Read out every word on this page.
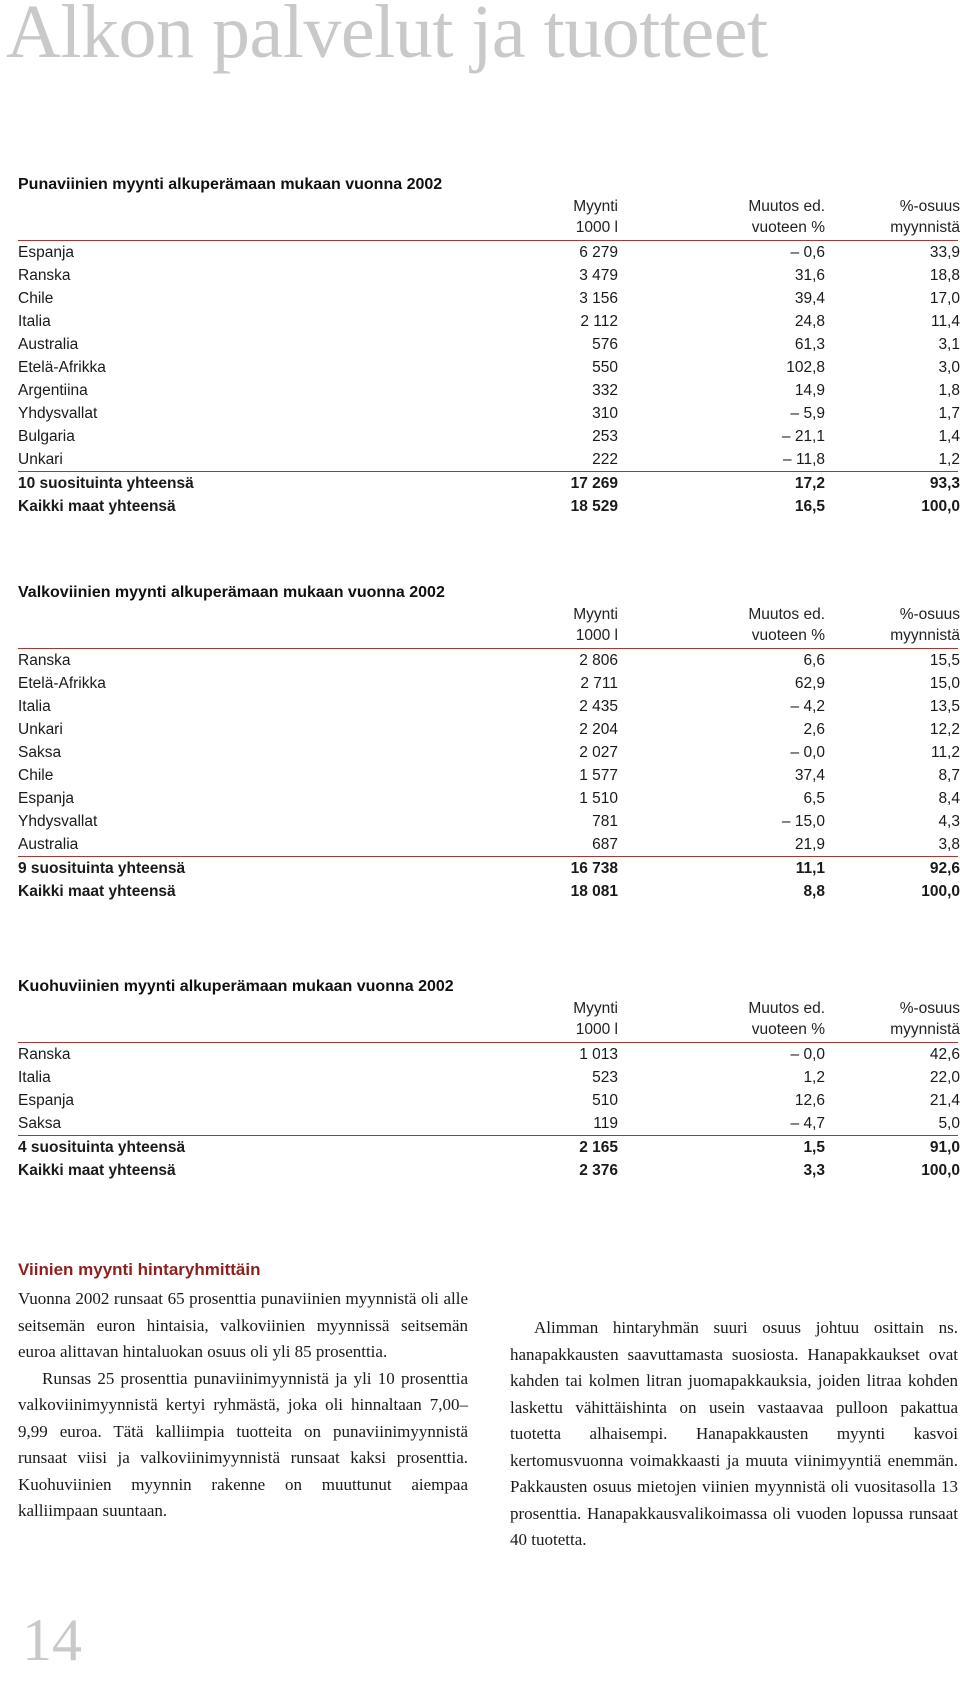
Alkon palvelut ja tuotteet
Punaviinien myynti alkuperämaan mukaan vuonna 2002
Myynti
1000 l
Muutos ed.
vuoteen %
%-osuus
myynnistä
Espanja	6 279	– 0,6	33,9
Ranska	3 479	31,6	18,8
Chile	3 156	39,4	17,0
Italia	2 112	24,8	11,4
Australia	576	61,3	3,1
Etelä-Afrikka	550	102,8	3,0
Argentiina	332	14,9	1,8
Yhdysvallat	310	– 5,9	1,7
Bulgaria	253	– 21,1	1,4
Unkari	222	– 11,8	1,2
10 suosituinta yhteensä	17 269	17,2	93,3
Kaikki maat yhteensä	18 529	16,5	100,0
Valkoviinien myynti alkuperämaan mukaan vuonna 2002
Myynti
1000 l
Muutos ed.
vuoteen %
%-osuus
myynnistä
Ranska	2 806	6,6	15,5
Etelä-Afrikka	2 711	62,9	15,0
Italia	2 435	– 4,2	13,5
Unkari	2 204	2,6	12,2
Saksa	2 027	– 0,0	11,2
Chile	1 577	37,4	8,7
Espanja	1 510	6,5	8,4
Yhdysvallat	781	– 15,0	4,3
Australia	687	21,9	3,8
9 suosituinta yhteensä	16 738	11,1	92,6
Kaikki maat yhteensä	18 081	8,8	100,0
Kuohuviinien myynti alkuperämaan mukaan vuonna 2002
Myynti
1000 l
Muutos ed.
vuoteen %
%-osuus
myynnistä
Ranska	1 013	– 0,0	42,6
Italia	523	1,2	22,0
Espanja	510	12,6	21,4
Saksa	119	– 4,7	5,0
4 suosituinta yhteensä	2 165	1,5	91,0
Kaikki maat yhteensä	2 376	3,3	100,0
Viinien myynti hintaryhmittäin

Vuonna 2002 runsaat 65 prosenttia punaviinien myynnistä oli alle seitsemän euron hintaisia, valkoviinien myynnissä seitsemän euroa alittavan hintaluokan osuus oli yli 85 prosenttia.

Runsas 25 prosenttia punaviinimyynnistä ja yli 10 prosenttia valkoviinimyynnistä kertyi ryhmästä, joka oli hinnaltaan 7,00–9,99 euroa. Tätä kalliimpia tuotteita on punaviinimyynnistä runsaat viisi ja valkoviinimyynnistä runsaat kaksi prosenttia. Kuohuviinien myynnin rakenne on muuttunut aiempaa kalliimpaan suuntaan.

Alimman hintaryhmän suuri osuus johtuu osittain ns. hanapakkausten saavuttamasta suosiosta. Hanapakkaukset ovat kahden tai kolmen litran juomapakkauksia, joiden litraa kohden laskettu vähittäishinta on usein vastaavaa pulloon pakattua tuotetta alhaisempi. Hanapakkausten myynti kasvoi kertomusvuonna voimakkaasti ja muuta viinimyyntiä enemmän. Pakkausten osuus mietojen viinien myynnistä oli vuositasolla 13 prosenttia. Hanapakkausvalikoimassa oli vuoden lopussa runsaat 40 tuotetta.

14
